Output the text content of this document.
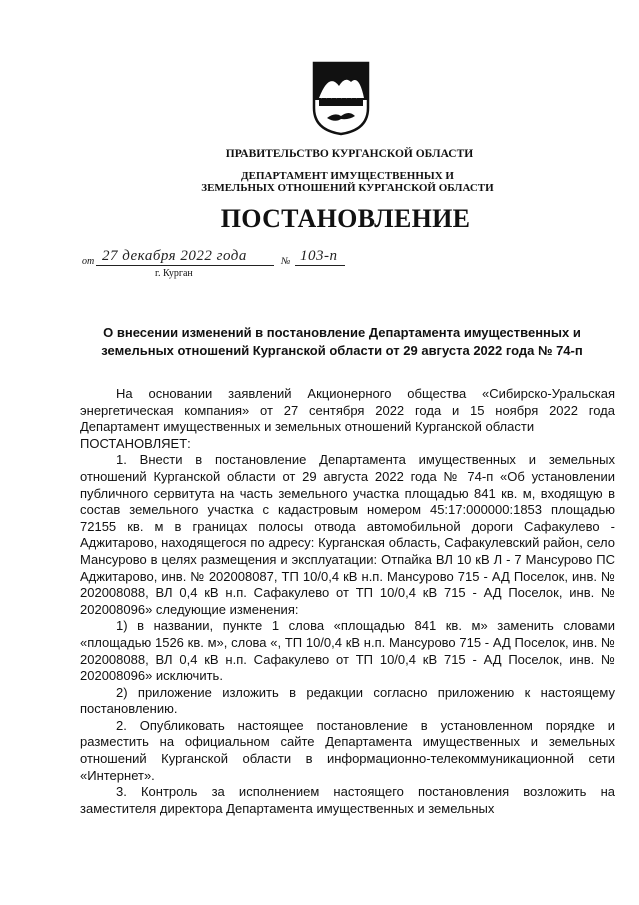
ПРАВИТЕЛЬСТВО КУРГАНСКОЙ ОБЛАСТИ
ДЕПАРТАМЕНТ ИМУЩЕСТВЕННЫХ И
ЗЕМЕЛЬНЫХ ОТНОШЕНИЙ КУРГАНСКОЙ ОБЛАСТИ
ПОСТАНОВЛЕНИЕ
от 27 декабря 2022 года	№ 103-п
г. Курган
О внесении изменений в постановление Департамента имущественных и земельных отношений Курганской области от 29 августа 2022 года № 74-п

На основании заявлений Акционерного общества «Сибирско-Уральская энергетическая компания» от 27 сентября 2022 года и 15 ноября 2022 года Департамент имущественных и земельных отношений Курганской области

ПОСТАНОВЛЯЕТ:

1. Внести в постановление Департамента имущественных и земельных отношений Курганской области от 29 августа 2022 года № 74-п «Об установлении публичного сервитута на часть земельного участка площадью 841 кв. м, входящую в состав земельного участка с кадастровым номером 45:17:000000:1853 площадью 72155 кв. м в границах полосы отвода автомобильной дороги Сафакулево - Аджитарово, находящегося по адресу: Курганская область, Сафакулевский район, село Мансурово в целях размещения и эксплуатации: Отпайка ВЛ 10 кВ Л - 7 Мансурово ПС Аджитарово, инв. № 202008087, ТП 10/0,4 кВ н.п. Мансурово 715 - АД Поселок, инв. № 202008088, ВЛ 0,4 кВ н.п. Сафакулево от ТП 10/0,4 кВ 715 - АД Поселок, инв. № 202008096» следующие изменения:

1) в названии, пункте 1 слова «площадью 841 кв. м» заменить словами «площадью 1526 кв. м», слова «, ТП 10/0,4 кВ н.п. Мансурово 715 - АД Поселок, инв. № 202008088, ВЛ 0,4 кВ н.п. Сафакулево от ТП 10/0,4 кВ 715 - АД Поселок, инв. № 202008096» исключить.

2) приложение изложить в редакции согласно приложению к настоящему постановлению.

2. Опубликовать настоящее постановление в установленном порядке и разместить на официальном сайте Департамента имущественных и земельных отношений Курганской области в информационно-телекоммуникационной сети «Интернет».

3. Контроль за исполнением настоящего постановления возложить на заместителя директора Департамента имущественных и земельных
